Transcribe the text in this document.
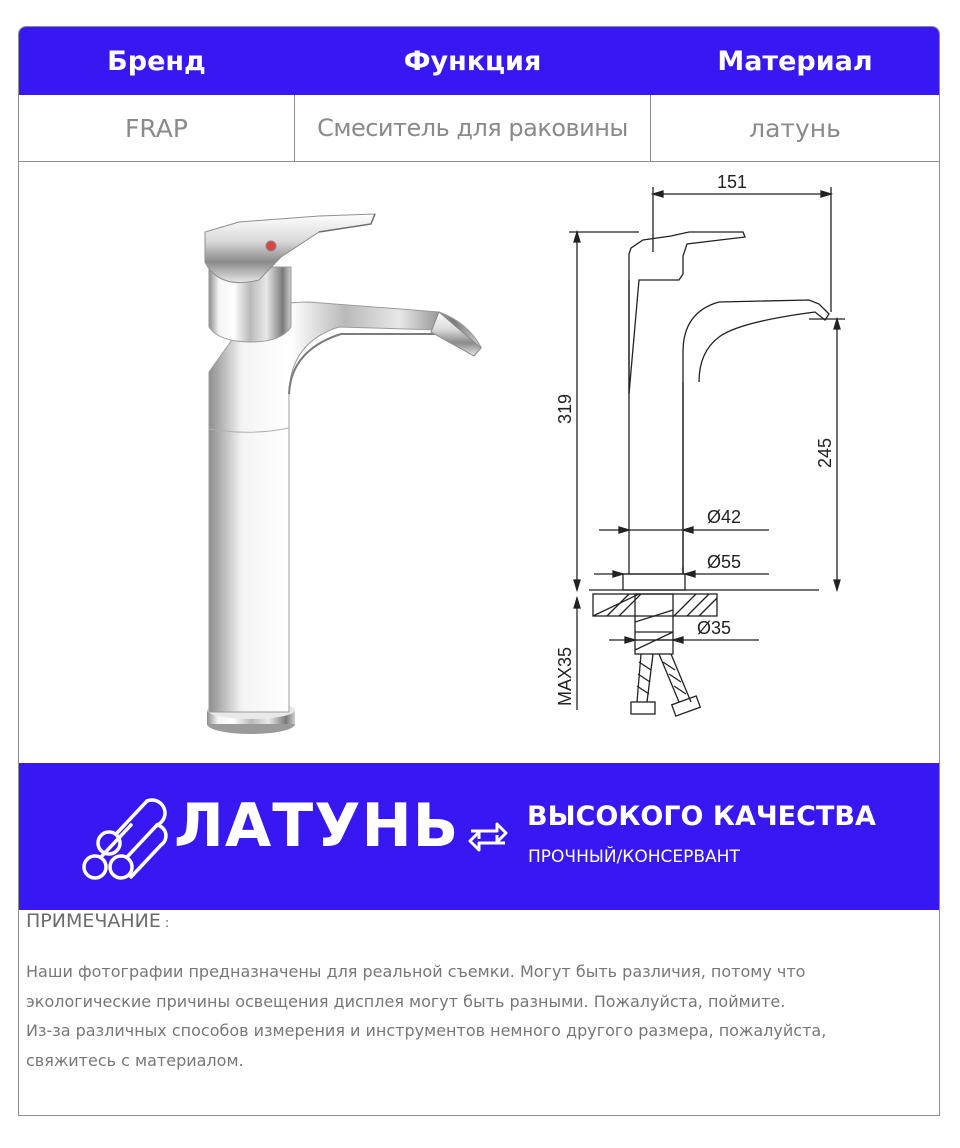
Бренд	Функция	Материал
FRAP	Смеситель для раковины	латунь
151
Ø42
Ø55
Ø35
319
245
MAX35
ЛАТУНЬ	ВЫСОКОГО КАЧЕСТВА
ПРОЧНЫЙ/КОНСЕРВАНТ
ПРИМЕЧАНИЕ :
Наши фотографии предназначены для реальной съемки. Могут быть различия, потому что
экологические причины освещения дисплея могут быть разными. Пожалуйста, поймите.
Из-за различных способов измерения и инструментов немного другого размера, пожалуйста,
свяжитесь с материалом.
